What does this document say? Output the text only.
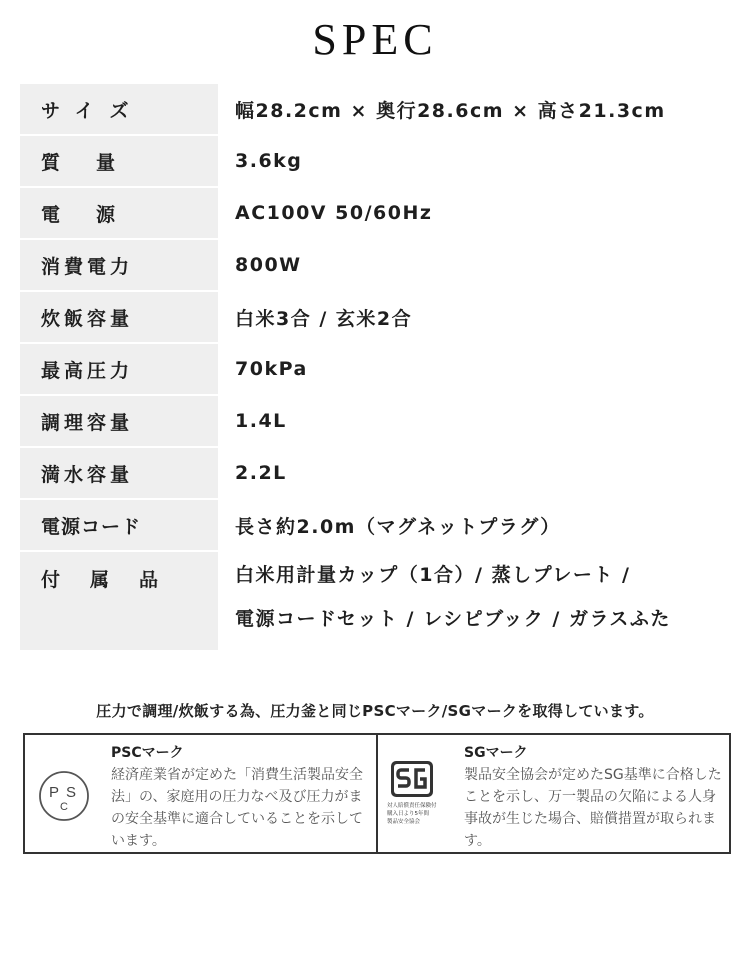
SPEC
サイズ	幅28.2cm × 奥行28.6cm × 高さ21.3cm
質量	3.6kg
電源	AC100V 50/60Hz
消費電力	800W
炊飯容量	白米3合 / 玄米2合
最高圧力	70kPa
調理容量	1.4L
満水容量	2.2L
電源コード	長さ約2.0m（マグネットプラグ）
付属品 白米用計量カップ（1合）/ 蒸しプレート /
電源コードセット / レシピブック / ガラスふた
圧力で調理/炊飯する為、圧力釜と同じPSCマーク/SGマークを取得しています。
P S
C
PSCマーク
経済産業省が定めた「消費生活製品安全法」の、家庭用の圧力なべ及び圧力がまの安全基準に適合していることを示しています。
対人賠償責任保険付
購入日より5年間
製品安全協会
SGマーク
製品安全協会が定めたSG基準に合格したことを示し、万一製品の欠陥による人身事故が生じた場合、賠償措置が取られます。
